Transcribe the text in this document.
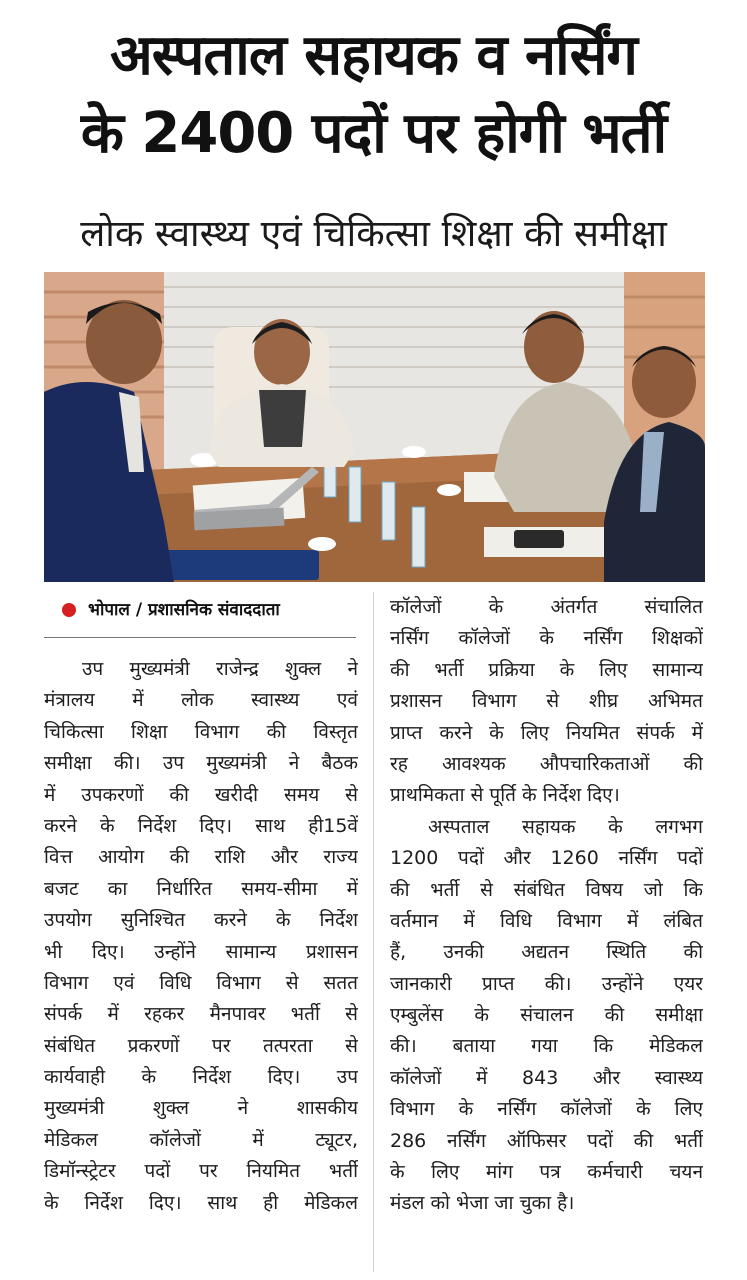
अस्पताल सहायक व नर्सिंग
के 2400 पदों पर होगी भर्ती
लोक स्वास्थ्य एवं चिकित्सा शिक्षा की समीक्षा
भोपाल / प्रशासनिक संवाददाता
उप मुख्यमंत्री राजेन्द्र शुक्ल ने
मंत्रालय में लोक स्वास्थ्य एवं
चिकित्सा शिक्षा विभाग की विस्तृत
समीक्षा की। उप मुख्यमंत्री ने बैठक
में उपकरणों की खरीदी समय से
करने के निर्देश दिए। साथ ही15वें
वित्त आयोग की राशि और राज्य
बजट का निर्धारित समय-सीमा में
उपयोग सुनिश्चित करने के निर्देश
भी दिए। उन्होंने सामान्य प्रशासन
विभाग एवं विधि विभाग से सतत
संपर्क में रहकर मैनपावर भर्ती से
संबंधित प्रकरणों पर तत्परता से
कार्यवाही के निर्देश दिए। उप
मुख्यमंत्री शुक्ल ने शासकीय
मेडिकल कॉलेजों में ट्यूटर,
डिमॉन्स्ट्रेटर पदों पर नियमित भर्ती
के निर्देश दिए। साथ ही मेडिकल
कॉलेजों के अंतर्गत संचालित
नर्सिंग कॉलेजों के नर्सिंग शिक्षकों
की भर्ती प्रक्रिया के लिए सामान्य
प्रशासन विभाग से शीघ्र अभिमत
प्राप्त करने के लिए नियमित संपर्क में
रह आवश्यक औपचारिकताओं की
प्राथमिकता से पूर्ति के निर्देश दिए।
अस्पताल सहायक के लगभग
1200 पदों और 1260 नर्सिंग पदों
की भर्ती से संबंधित विषय जो कि
वर्तमान में विधि विभाग में लंबित
हैं, उनकी अद्यतन स्थिति की
जानकारी प्राप्त की। उन्होंने एयर
एम्बुलेंस के संचालन की समीक्षा
की। बताया गया कि मेडिकल
कॉलेजों में 843 और स्वास्थ्य
विभाग के नर्सिंग कॉलेजों के लिए
286 नर्सिंग ऑफिसर पदों की भर्ती
के लिए मांग पत्र कर्मचारी चयन
मंडल को भेजा जा चुका है।
